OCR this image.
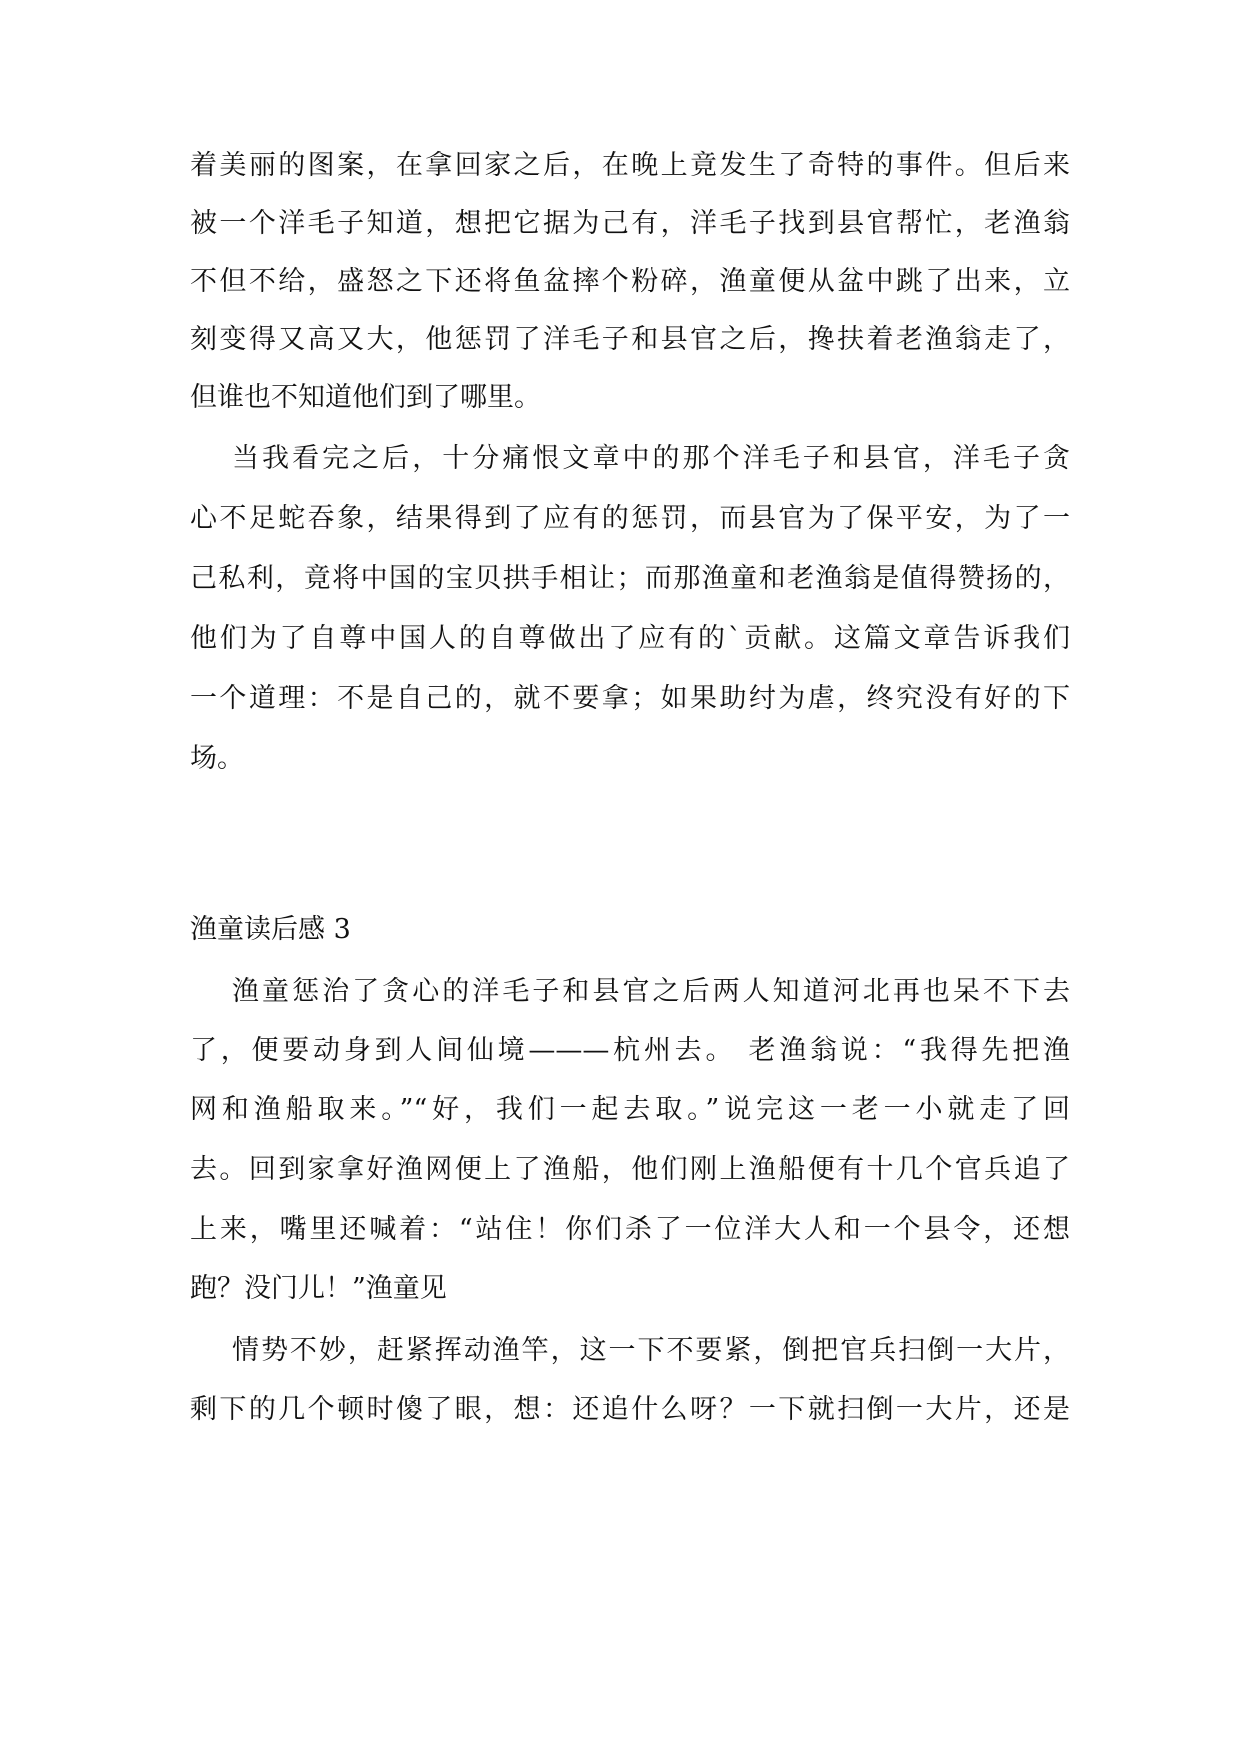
着美丽的图案，在拿回家之后，在晚上竟发生了奇特的事件。但后来
被一个洋毛子知道，想把它据为己有，洋毛子找到县官帮忙，老渔翁
不但不给，盛怒之下还将鱼盆摔个粉碎，渔童便从盆中跳了出来，立
刻变得又高又大，他惩罚了洋毛子和县官之后，搀扶着老渔翁走了，
但谁也不知道他们到了哪里。
当我看完之后，十分痛恨文章中的那个洋毛子和县官，洋毛子贪
心不足蛇吞象，结果得到了应有的惩罚，而县官为了保平安，为了一
己私利，竟将中国的宝贝拱手相让；而那渔童和老渔翁是值得赞扬的，
他们为了自尊中国人的自尊做出了应有的`贡献。这篇文章告诉我们
一个道理：不是自己的，就不要拿；如果助纣为虐，终究没有好的下
场。
渔童读后感 3
渔童惩治了贪心的洋毛子和县官之后两人知道河北再也呆不下去
了，便要动身到人间仙境———杭州去。 老渔翁说：“我得先把渔
网和渔船取来。”“好，我们一起去取。”说完这一老一小就走了回
去。回到家拿好渔网便上了渔船，他们刚上渔船便有十几个官兵追了
上来，嘴里还喊着：“站住！你们杀了一位洋大人和一个县令，还想
跑？没门儿！”渔童见
情势不妙，赶紧挥动渔竿，这一下不要紧，倒把官兵扫倒一大片，
剩下的几个顿时傻了眼，想：还追什么呀？一下就扫倒一大片，还是
